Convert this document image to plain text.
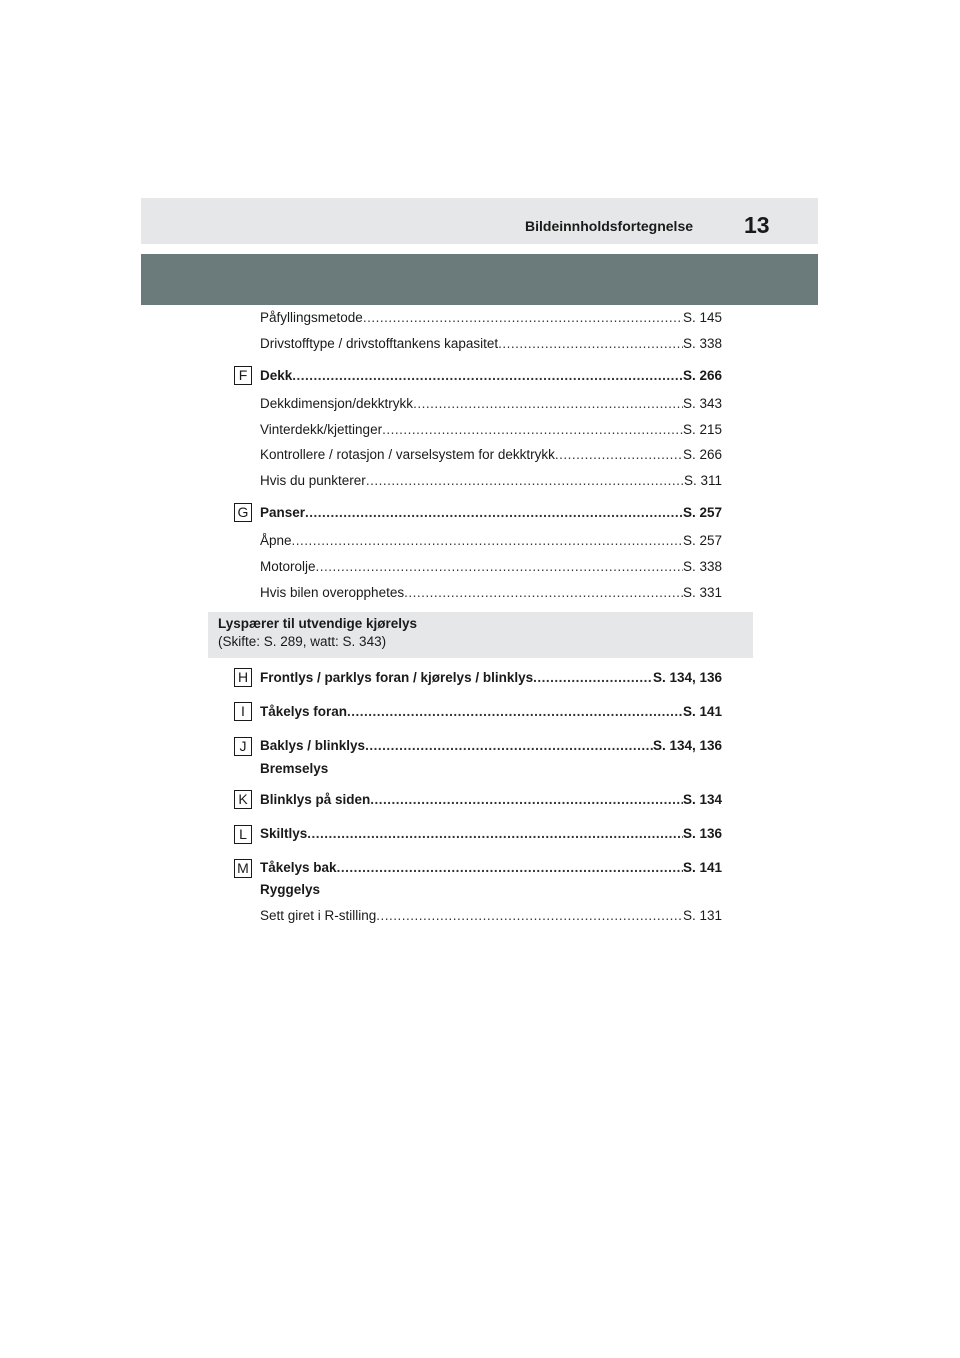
Bildeinnholdsfortegnelse 13
Påfyllingsmetode .....	S. 145
Drivstofftype / drivstofftankens kapasitet .....	S. 338
F Dekk .....	S. 266
Dekkdimensjon/dekktrykk .....	S. 343
Vinterdekk/kjettinger .....	S. 215
Kontrollere / rotasjon / varselsystem for dekktrykk .....	S. 266
Hvis du punkterer .....	S. 311
G Panser .....	S. 257
Åpne .....	S. 257
Motorolje .....	S. 338
Hvis bilen overopphetes .....	S. 331
Lyspærer til utvendige kjørelys
(Skifte: S. 289, watt: S. 343)
H Frontlys / parklys foran / kjørelys / blinklys .....	S. 134, 136
I	Tåkelys foran .....	S. 141
J	Baklys / blinklys .....	S. 134, 136
Bremselys
K Blinklys på siden .....	S. 134
L Skiltlys .....	S. 136
M Tåkelys bak .....	S. 141
Ryggelys
Sett giret i R-stilling .....	S. 131
